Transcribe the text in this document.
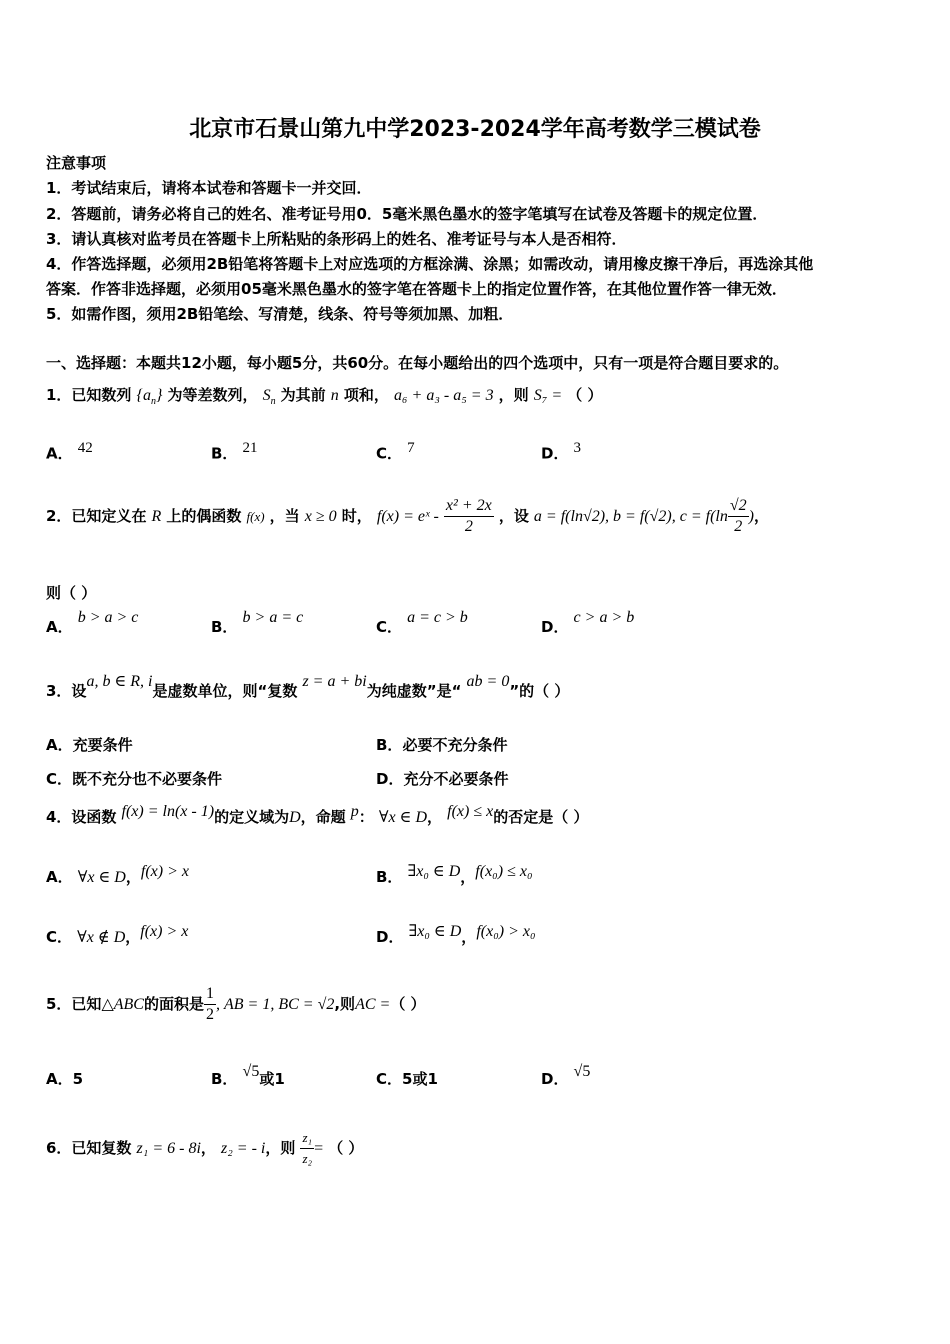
北京市石景山第九中学2023-2024学年高考数学三模试卷
注意事项
1．考试结束后，请将本试卷和答题卡一并交回．
2．答题前，请务必将自己的姓名、准考证号用0．5毫米黑色墨水的签字笔填写在试卷及答题卡的规定位置．
3．请认真核对监考员在答题卡上所粘贴的条形码上的姓名、准考证号与本人是否相符．
4．作答选择题，必须用2B铅笔将答题卡上对应选项的方框涂满、涂黑；如需改动，请用橡皮擦干净后，再选涂其他
答案．作答非选择题，必须用05毫米黑色墨水的签字笔在答题卡上的指定位置作答，在其他位置作答一律无效．
5．如需作图，须用2B铅笔绘、写清楚，线条、符号等须加黑、加粗．
一、选择题：本题共12小题，每小题5分，共60分。在每小题给出的四个选项中，只有一项是符合题目要求的。
1．已知数列 $\{a_n\}$ 为等差数列， $S_n$ 为其前 n 项和， a₆ + a₃ - a₅ = 3 ，则 S₇ = （ ）
A． $^{42}$	B． $^{21}$	C． $^7$	D． $^3$
2．已知定义在 R 上的偶函数 f(x) ，当 x ≥ 0 时， f(x) = eˣ - $\frac{\text{x² + 2x}}{2}$ ，设 a = f(ln√2), b = f(√2), $c = f(\ln \frac{√2}{2}$ )，
则（ ）
A． b > a > c
B． b > a = c
C． a = c > b
D． c > a > b
3．设a, b ∈ R, i是虚数单位，则“复数 z = a + bi为纯虚数”是“ ab = 0”的（ ）
A．充要条件	B．必要不充分条件
C．既不充分也不必要条件	D．充分不必要条件
4．设函数 f(x) = ln(x - 1)的定义域为D，命题 p： ∀x ∈ D， f(x) ≤ x的否定是（ ）
A． ∀x ∈ D，f(x) > x	B． ∃x₀ ∈ D，f(x₀) ≤ x₀
C． ∀x ∉ D，f(x) > x	D． ∃x₀ ∈ D，f(x₀) > x₀
5．已知△ABC的面积是 $\frac{1}{2}$ , AB = 1, BC = √2,则AC =（ ）
A．5	B． √5或1	C．5或1	D． √5
6．已知复数 z₁ = 6 - 8i， z₂ = - i，则 $\frac{\text{z₁}}{\text{z₂}}$ = （ ）
